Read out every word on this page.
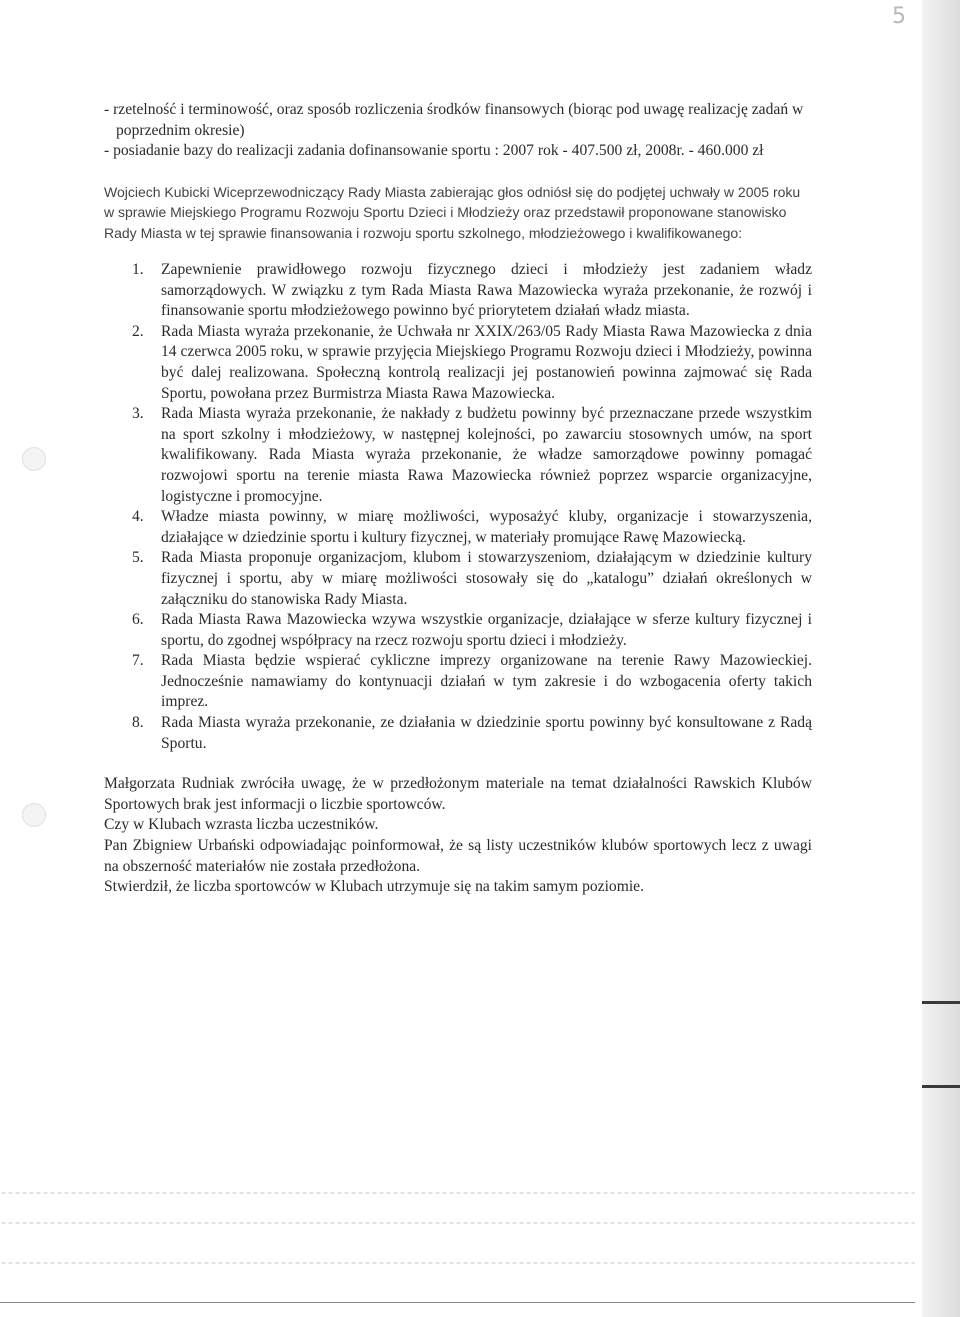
5

- rzetelność i terminowość, oraz sposób rozliczenia środków finansowych (biorąc pod uwagę realizację zadań w poprzednim okresie)

- posiadanie bazy do realizacji zadania dofinansowanie sportu : 2007 rok - 407.500 zł, 2008r. - 460.000 zł

Wojciech Kubicki Wiceprzewodniczący Rady Miasta zabierając głos odniósł się do podjętej uchwały w 2005 roku w sprawie Miejskiego Programu Rozwoju Sportu Dzieci i Młodzieży oraz przedstawił proponowane stanowisko Rady Miasta w tej sprawie finansowania i rozwoju sportu szkolnego, młodzieżowego i kwalifikowanego:

1. Zapewnienie prawidłowego rozwoju fizycznego dzieci i młodzieży jest zadaniem władz samorządowych. W związku z tym Rada Miasta Rawa Mazowiecka wyraża przekonanie, że rozwój i finansowanie sportu młodzieżowego powinno być priorytetem działań władz miasta.
2. Rada Miasta wyraża przekonanie, że Uchwała nr XXIX/263/05 Rady Miasta Rawa Mazowiecka z dnia 14 czerwca 2005 roku, w sprawie przyjęcia Miejskiego Programu Rozwoju dzieci i Młodzieży, powinna być dalej realizowana. Społeczną kontrolą realizacji jej postanowień powinna zajmować się Rada Sportu, powołana przez Burmistrza Miasta Rawa Mazowiecka.
3. Rada Miasta wyraża przekonanie, że nakłady z budżetu powinny być przeznaczane przede wszystkim na sport szkolny i młodzieżowy, w następnej kolejności, po zawarciu stosownych umów, na sport kwalifikowany. Rada Miasta wyraża przekonanie, że władze samorządowe powinny pomagać rozwojowi sportu na terenie miasta Rawa Mazowiecka również poprzez wsparcie organizacyjne, logistyczne i promocyjne.
4. Władze miasta powinny, w miarę możliwości, wyposażyć kluby, organizacje i stowarzyszenia, działające w dziedzinie sportu i kultury fizycznej, w materiały promujące Rawę Mazowiecką.
5. Rada Miasta proponuje organizacjom, klubom i stowarzyszeniom, działającym w dziedzinie kultury fizycznej i sportu, aby w miarę możliwości stosowały się do „katalogu” działań określonych w załączniku do stanowiska Rady Miasta.
6. Rada Miasta Rawa Mazowiecka wzywa wszystkie organizacje, działające w sferze kultury fizycznej i sportu, do zgodnej współpracy na rzecz rozwoju sportu dzieci i młodzieży.
7. Rada Miasta będzie wspierać cykliczne imprezy organizowane na terenie Rawy Mazowieckiej. Jednocześnie namawiamy do kontynuacji działań w tym zakresie i do wzbogacenia oferty takich imprez.
8. Rada Miasta wyraża przekonanie, ze działania w dziedzinie sportu powinny być konsultowane z Radą Sportu.

Małgorzata Rudniak zwróciła uwagę, że w przedłożonym materiale na temat działalności Rawskich Klubów Sportowych brak jest informacji o liczbie sportowców.

Czy w Klubach wzrasta liczba uczestników.

Pan Zbigniew Urbański odpowiadając poinformował, że są listy uczestników klubów sportowych lecz z uwagi na obszerność materiałów nie została przedłożona.

Stwierdził, że liczba sportowców w Klubach utrzymuje się na takim samym poziomie.
